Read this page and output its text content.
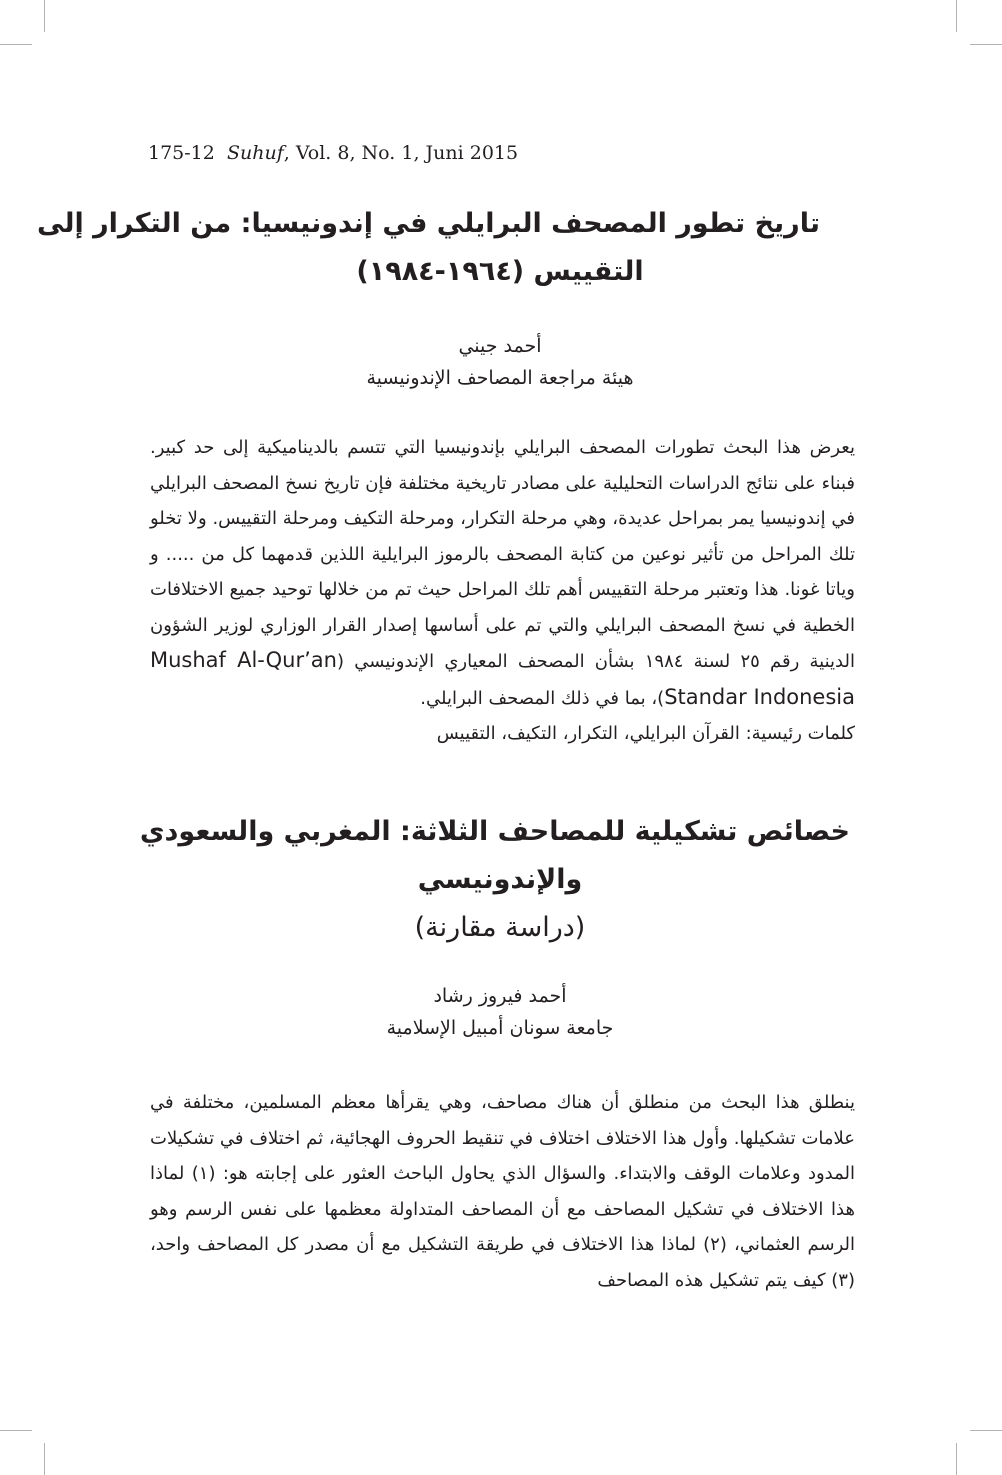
175-12 Suhuf, Vol. 8, No. 1, Juni 2015
تاريخ تطور المصحف البرايلي في إندونيسيا: من التكرار إلى
التقييس (١٩٦٤-١٩٨٤)
أحمد جيني
هيئة مراجعة المصاحف الإندونيسية

يعرض هذا البحث تطورات المصحف البرايلي بإندونيسيا التي تتسم بالديناميكية إلى حد كبير. فبناء على نتائج الدراسات التحليلية على مصادر تاريخية مختلفة فإن تاريخ نسخ المصحف البرايلي في إندونيسيا يمر بمراحل عديدة، وهي مرحلة التكرار، ومرحلة التكيف ومرحلة التقييس. ولا تخلو تلك المراحل من تأثير نوعين من كتابة المصحف بالرموز البرايلية اللذين قدمهما كل من ..... و وياتا غونا. هذا وتعتبر مرحلة التقييس أهم تلك المراحل حيث تم من خلالها توحيد جميع الاختلافات الخطية في نسخ المصحف البرايلي والتي تم على أساسها إصدار القرار الوزاري لوزير الشؤون الدينية رقم ٢٥ لسنة ١٩٨٤ بشأن المصحف المعياري الإندونيسي (Mushaf Al-Qur’an Standar Indonesia)، بما في ذلك المصحف البرايلي.

كلمات رئيسية: القرآن البرايلي، التكرار، التكيف، التقييس
خصائص تشكيلية للمصاحف الثلاثة: المغربي والسعودي
والإندونيسي
(دراسة مقارنة)
أحمد فيروز رشاد
جامعة سونان أمبيل الإسلامية

ينطلق هذا البحث من منطلق أن هناك مصاحف، وهي يقرأها معظم المسلمين، مختلفة في علامات تشكيلها. وأول هذا الاختلاف اختلاف في تنقيط الحروف الهجائية، ثم اختلاف في تشكيلات المدود وعلامات الوقف والابتداء. والسؤال الذي يحاول الباحث العثور على إجابته هو: (١) لماذا هذا الاختلاف في تشكيل المصاحف مع أن المصاحف المتداولة معظمها على نفس الرسم وهو الرسم العثماني، (٢) لماذا هذا الاختلاف في طريقة التشكيل مع أن مصدر كل المصاحف واحد، (٣) كيف يتم تشكيل هذه المصاحف
